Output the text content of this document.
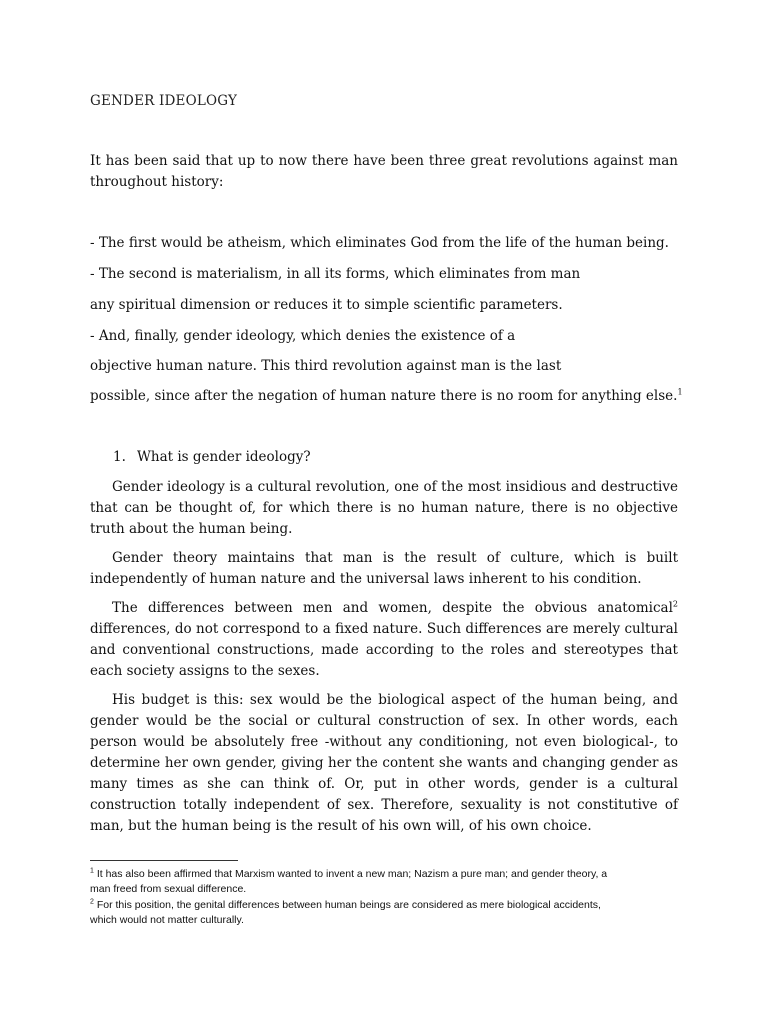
GENDER IDEOLOGY
It has been said that up to now there have been three great revolutions against man throughout history:
- The first would be atheism, which eliminates God from the life of the human being.
- The second is materialism, in all its forms, which eliminates from man
any spiritual dimension or reduces it to simple scientific parameters.
- And, finally, gender ideology, which denies the existence of a
objective human nature. This third revolution against man is the last
possible, since after the negation of human nature there is no room for anything else.$^1$
1. What is gender ideology?

Gender ideology is a cultural revolution, one of the most insidious and destructive that can be thought of, for which there is no human nature, there is no objective truth about the human being.

Gender theory maintains that man is the result of culture, which is built independently of human nature and the universal laws inherent to his condition.

The differences between men and women, despite the obvious anatomical$^2$ differences, do not correspond to a fixed nature. Such differences are merely cultural and conventional constructions, made according to the roles and stereotypes that each society assigns to the sexes.

His budget is this: sex would be the biological aspect of the human being, and gender would be the social or cultural construction of sex. In other words, each person would be absolutely free -without any conditioning, not even biological-, to determine her own gender, giving her the content she wants and changing gender as many times as she can think of. Or, put in other words, gender is a cultural construction totally independent of sex. Therefore, sexuality is not constitutive of man, but the human being is the result of his own will, of his own choice.

$^1$ It has also been affirmed that Marxism wanted to invent a new man; Nazism a pure man; and gender theory, a
man freed from sexual difference.
$^2$ For this position, the genital differences between human beings are considered as mere biological accidents,
which would not matter culturally.
